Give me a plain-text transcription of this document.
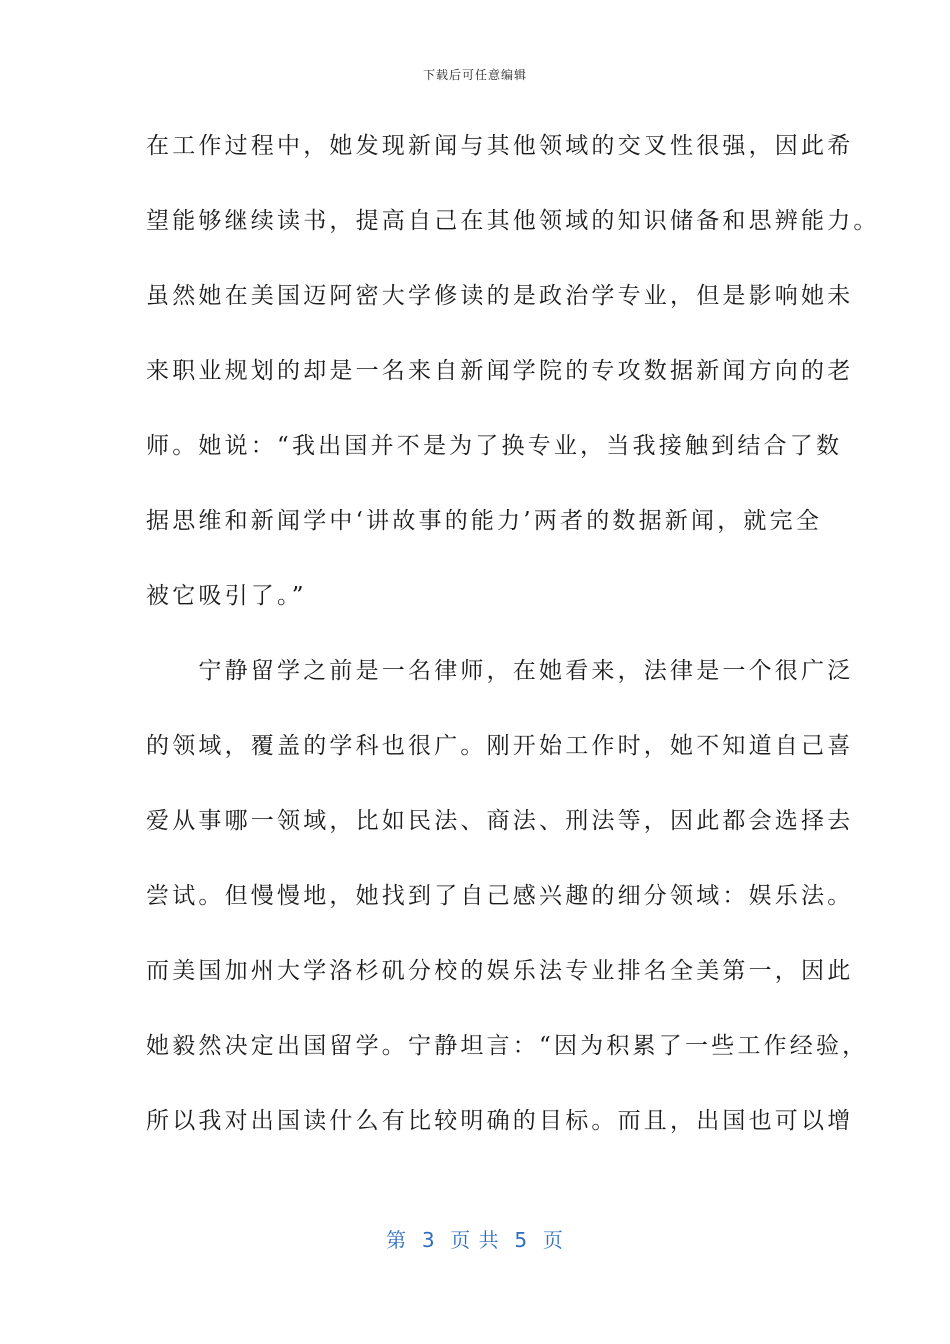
下载后可任意编辑
在工作过程中，她发现新闻与其他领域的交叉性很强，因此希
望能够继续读书，提高自己在其他领域的知识储备和思辨能力。
虽然她在美国迈阿密大学修读的是政治学专业，但是影响她未
来职业规划的却是一名来自新闻学院的专攻数据新闻方向的老
师。她说：“我出国并不是为了换专业，当我接触到结合了数
据思维和新闻学中‘讲故事的能力’两者的数据新闻，就完全
被它吸引了。”
　　宁静留学之前是一名律师，在她看来，法律是一个很广泛
的领域，覆盖的学科也很广。刚开始工作时，她不知道自己喜
爱从事哪一领域，比如民法、商法、刑法等，因此都会选择去
尝试。但慢慢地，她找到了自己感兴趣的细分领域：娱乐法。
而美国加州大学洛杉矶分校的娱乐法专业排名全美第一，因此
她毅然决定出国留学。宁静坦言：“因为积累了一些工作经验，
所以我对出国读什么有比较明确的目标。而且，出国也可以增
第  3  页 共  5  页
